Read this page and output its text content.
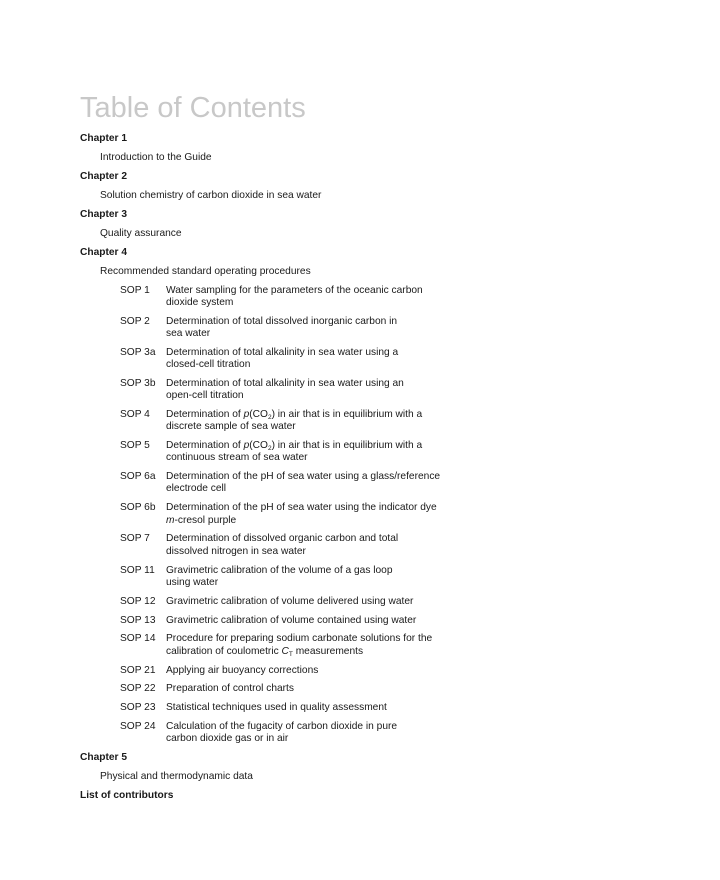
Table of Contents
Chapter 1
Introduction to the Guide
Chapter 2
Solution chemistry of carbon dioxide in sea water
Chapter 3
Quality assurance
Chapter 4
Recommended standard operating procedures
SOP 1 Water sampling for the parameters of the oceanic carbon
dioxide system
SOP 2 Determination of total dissolved inorganic carbon in
sea water
SOP 3a Determination of total alkalinity in sea water using a
closed-cell titration
SOP 3b Determination of total alkalinity in sea water using an
open-cell titration
SOP 4 Determination of p(CO2) in air that is in equilibrium with a
discrete sample of sea water
SOP 5 Determination of p(CO2) in air that is in equilibrium with a
continuous stream of sea water
SOP 6a Determination of the pH of sea water using a glass/reference
electrode cell
SOP 6b Determination of the pH of sea water using the indicator dye
m-cresol purple
SOP 7 Determination of dissolved organic carbon and total
dissolved nitrogen in sea water
SOP 11 Gravimetric calibration of the volume of a gas loop
using water
SOP 12 Gravimetric calibration of volume delivered using water
SOP 13 Gravimetric calibration of volume contained using water
SOP 14 Procedure for preparing sodium carbonate solutions for the
calibration of coulometric CT measurements
SOP 21 Applying air buoyancy corrections
SOP 22 Preparation of control charts
SOP 23 Statistical techniques used in quality assessment
SOP 24 Calculation of the fugacity of carbon dioxide in pure
carbon dioxide gas or in air
Chapter 5
Physical and thermodynamic data
List of contributors
